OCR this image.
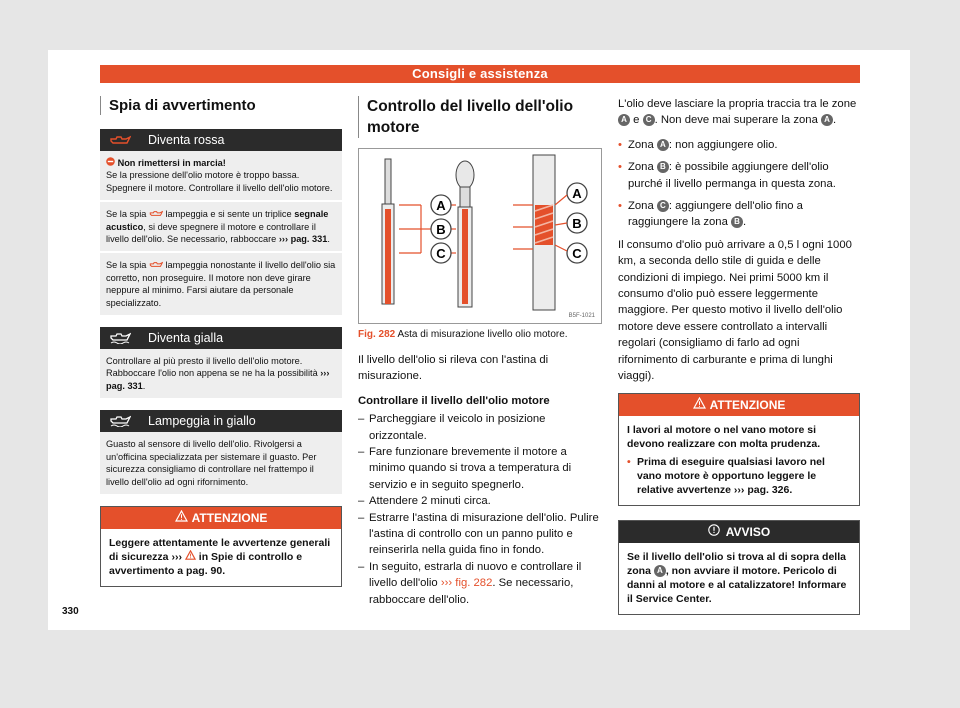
Consigli e assistenza
Spia di avvertimento
Diventa rossa
Non rimettersi in marcia!
Se la pressione dell'olio motore è troppo bassa. Spegnere il motore. Controllare il livello dell'olio motore.
Se la spia lampeggia e si sente un triplice segnale acustico, si deve spegnere il motore e controllare il livello dell'olio. Se necessario, rabboccare ››› pag. 331.
Se la spia lampeggia nonostante il livello dell'olio sia corretto, non proseguire. Il motore non deve girare neppure al minimo. Farsi aiutare da personale specializzato.
Diventa gialla
Controllare al più presto il livello dell'olio motore. Rabboccare l'olio non appena se ne ha la possibilità ››› pag. 331.
Lampeggia in giallo
Guasto al sensore di livello dell'olio. Rivolgersi a un'officina specializzata per sistemare il guasto. Per sicurezza consigliamo di controllare nel frattempo il livello dell'olio ad ogni rifornimento.
ATTENZIONE
Leggere attentamente le avvertenze generali di sicurezza ››› in Spie di controllo e avvertimento a pag. 90.
Controllo del livello dell'olio motore
A
B
C
A
B
C
B5F-1021
Fig. 282 Asta di misurazione livello olio motore.

Il livello dell'olio si rileva con l'astina di misurazione.

Controllare il livello dell'olio motore
– Parcheggiare il veicolo in posizione orizzontale.
– Fare funzionare brevemente il motore a minimo quando si trova a temperatura di servizio e in seguito spegnerlo.
– Attendere 2 minuti circa.
– Estrarre l'astina di misurazione dell'olio. Pulire l'astina di controllo con un panno pulito e reinserirla nella guida fino in fondo.
– In seguito, estrarla di nuovo e controllare il livello dell'olio ››› fig. 282. Se necessario, rabboccare dell'olio.

L'olio deve lasciare la propria traccia tra le zone A e C . Non deve mai superare la zona A .

• Zona A : non aggiungere olio.
• Zona B : è possibile aggiungere dell'olio purché il livello permanga in questa zona.
• Zona C : aggiungere dell'olio fino a raggiungere la zona B .

Il consumo d'olio può arrivare a 0,5 l ogni 1000 km, a seconda dello stile di guida e delle condizioni di impiego. Nei primi 5000 km il consumo d'olio può essere leggermente maggiore. Per questo motivo il livello dell'olio motore deve essere controllato a intervalli regolari (consigliamo di farlo ad ogni rifornimento di carburante e prima di lunghi viaggi).

ATTENZIONE
I lavori al motore o nel vano motore si devono realizzare con molta prudenza.
• Prima di eseguire qualsiasi lavoro nel vano motore è opportuno leggere le relative avvertenze ››› pag. 326.
AVVISO
Se il livello dell'olio si trova al di sopra della zona A , non avviare il motore. Pericolo di danni al motore e al catalizzatore! Informare il Service Center.
330
